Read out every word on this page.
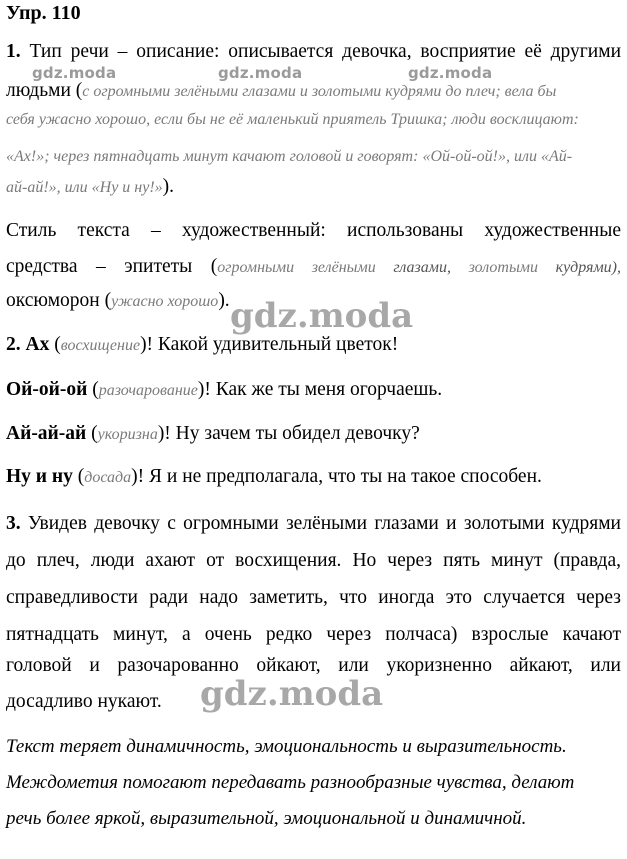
Упр. 110
1. Тип речи – описание: описывается девочка, восприятие её другими
gdz.moda	gdz.moda	gdz.moda
людьми (с огромными зелёными глазами и золотыми кудрями до плеч; вела бы
себя ужасно хорошо, если бы не её маленький приятель Тришка; люди восклицают:
«Ах!»; через пятнадцать минут качают головой и говорят: «Ой-ой-ой!», или «Ай-
ай-ай!», или «Ну и ну!»).
Стиль текста – художественный: использованы художественные
средства – эпитеты (огромными зелёными глазами, золотыми кудрями),
оксюморон (ужасно хорошо). gdz.moda
2. Ах (восхищение)! Какой удивительный цветок!
Ой-ой-ой (разочарование)! Как же ты меня огорчаешь.
Ай-ай-ай (укоризна)! Ну зачем ты обидел девочку?
Ну и ну (досада)! Я и не предполагала, что ты на такое способен.
3. Увидев девочку с огромными зелёными глазами и золотыми кудрями
до плеч, люди ахают от восхищения. Но через пять минут (правда,
справедливости ради надо заметить, что иногда это случается через
пятнадцать минут, а очень редко через полчаса) взрослые качают
головой и разочарованно ойкают, или укоризненно айкают, или
досадливо нукают. gdz.moda
Текст теряет динамичность, эмоциональность и выразительность.
Междометия помогают передавать разнообразные чувства, делают
речь более яркой, выразительной, эмоциональной и динамичной.
